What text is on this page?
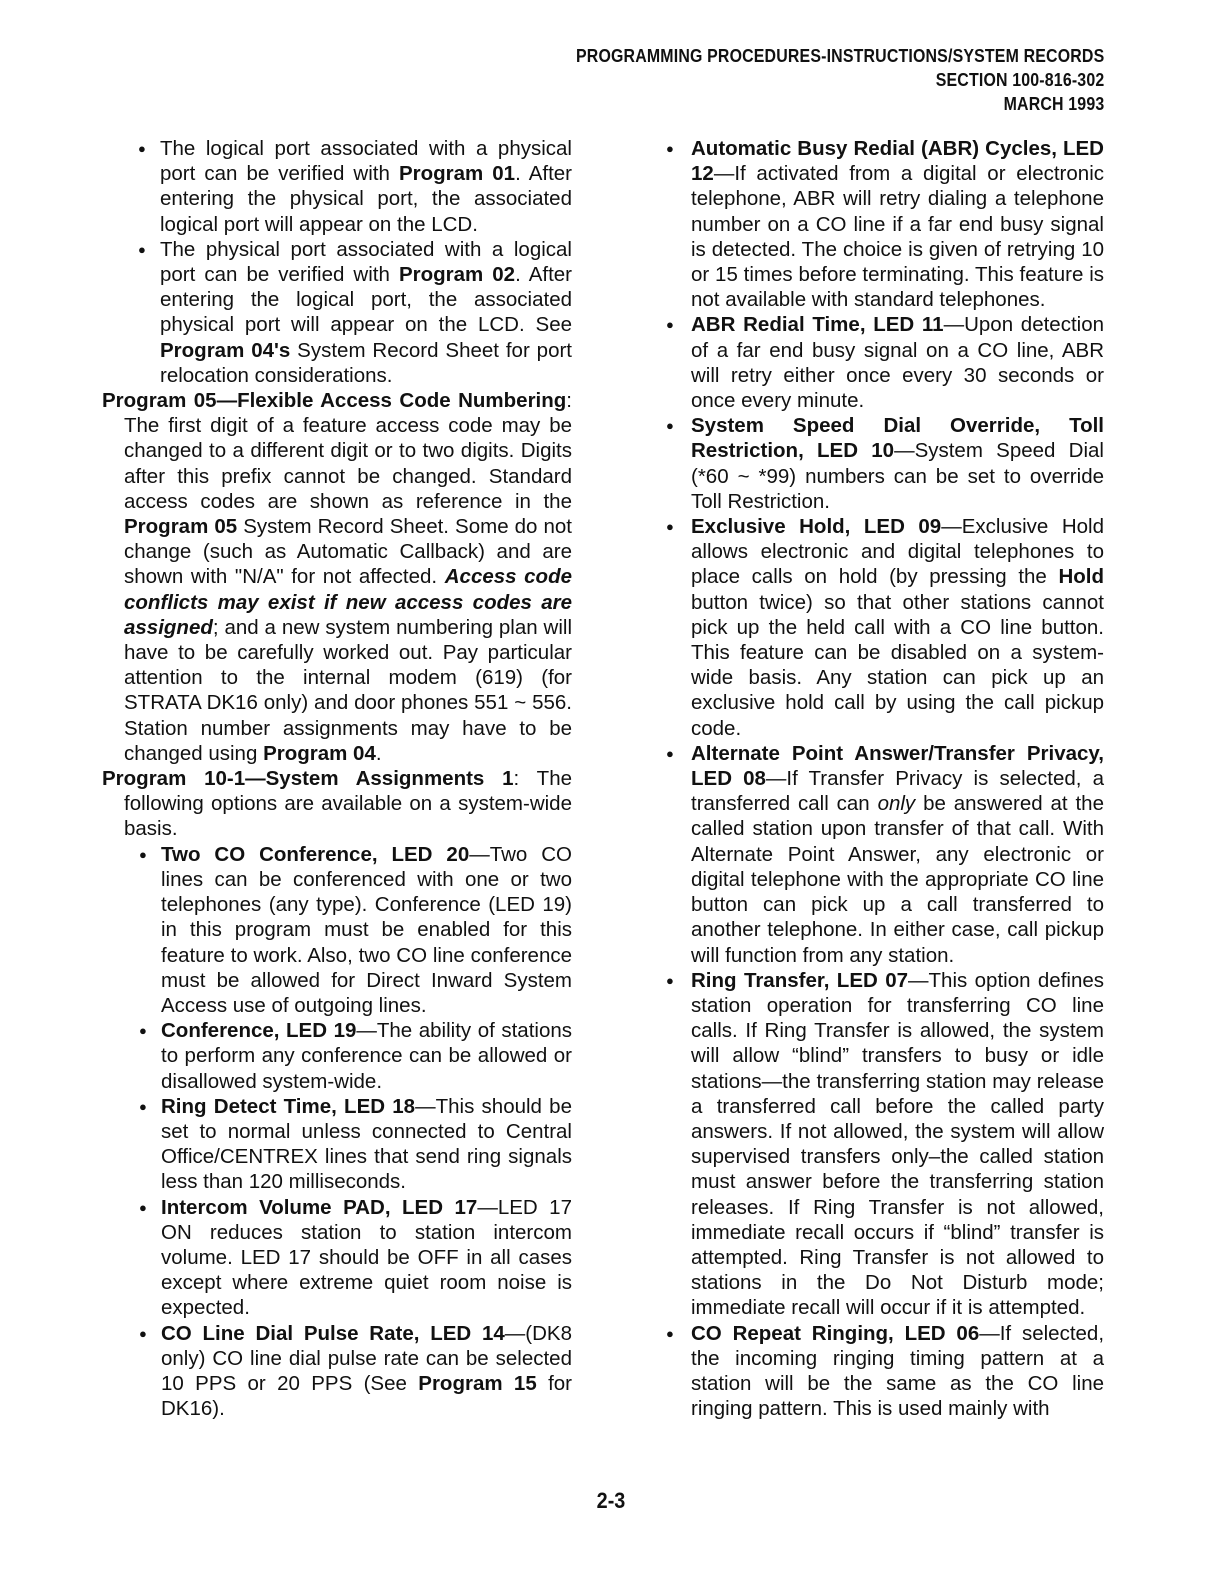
PROGRAMMING PROCEDURES-INSTRUCTIONS/SYSTEM RECORDS
SECTION 100-816-302
MARCH 1993

● The logical port associated with a physical port can be verified with Program 01. After entering the physical port, the associated logical port will appear on the LCD.

● The physical port associated with a logical port can be verified with Program 02. After entering the logical port, the associated physical port will appear on the LCD. See Program 04's System Record Sheet for port relocation considerations.

Program 05—Flexible Access Code Numbering: The first digit of a feature access code may be changed to a different digit or to two digits. Digits after this prefix cannot be changed. Standard access codes are shown as reference in the Program 05 System Record Sheet. Some do not change (such as Automatic Callback) and are shown with "N/A" for not affected. Access code conflicts may exist if new access codes are assigned; and a new system numbering plan will have to be carefully worked out. Pay particular attention to the internal modem (619) (for STRATA DK16 only) and door phones 551 ~ 556. Station number assignments may have to be changed using Program 04.

Program 10-1—System Assignments 1: The following options are available on a system-wide basis.

● Two CO Conference, LED 20—Two CO lines can be conferenced with one or two telephones (any type). Conference (LED 19) in this program must be enabled for this feature to work. Also, two CO line conference must be allowed for Direct Inward System Access use of outgoing lines.

● Conference, LED 19—The ability of stations to perform any conference can be allowed or disallowed system-wide.

● Ring Detect Time, LED 18—This should be set to normal unless connected to Central Office/CENTREX lines that send ring signals less than 120 milliseconds.

● Intercom Volume PAD, LED 17—LED 17 ON reduces station to station intercom volume. LED 17 should be OFF in all cases except where extreme quiet room noise is expected.

● CO Line Dial Pulse Rate, LED 14—(DK8 only) CO line dial pulse rate can be selected 10 PPS or 20 PPS (See Program 15 for DK16).

● Automatic Busy Redial (ABR) Cycles, LED 12—If activated from a digital or electronic telephone, ABR will retry dialing a telephone number on a CO line if a far end busy signal is detected. The choice is given of retrying 10 or 15 times before terminating. This feature is not available with standard telephones.

● ABR Redial Time, LED 11—Upon detection of a far end busy signal on a CO line, ABR will retry either once every 30 seconds or once every minute.

● System Speed Dial Override, Toll Restriction, LED 10—System Speed Dial (*60 ~ *99) numbers can be set to override Toll Restriction.

● Exclusive Hold, LED 09—Exclusive Hold allows electronic and digital telephones to place calls on hold (by pressing the Hold button twice) so that other stations cannot pick up the held call with a CO line button. This feature can be disabled on a system-wide basis. Any station can pick up an exclusive hold call by using the call pickup code.

● Alternate Point Answer/Transfer Privacy, LED 08—If Transfer Privacy is selected, a transferred call can only be answered at the called station upon transfer of that call. With Alternate Point Answer, any electronic or digital telephone with the appropriate CO line button can pick up a call transferred to another telephone. In either case, call pickup will function from any station.

● Ring Transfer, LED 07—This option defines station operation for transferring CO line calls. If Ring Transfer is allowed, the system will allow “blind” transfers to busy or idle stations—the transferring station may release a transferred call before the called party answers. If not allowed, the system will allow supervised transfers only–the called station must answer before the transferring station releases. If Ring Transfer is not allowed, immediate recall occurs if “blind” transfer is attempted. Ring Transfer is not allowed to stations in the Do Not Disturb mode; immediate recall will occur if it is attempted.

● CO Repeat Ringing, LED 06—If selected, the incoming ringing timing pattern at a station will be the same as the CO line ringing pattern. This is used mainly with

2-3
